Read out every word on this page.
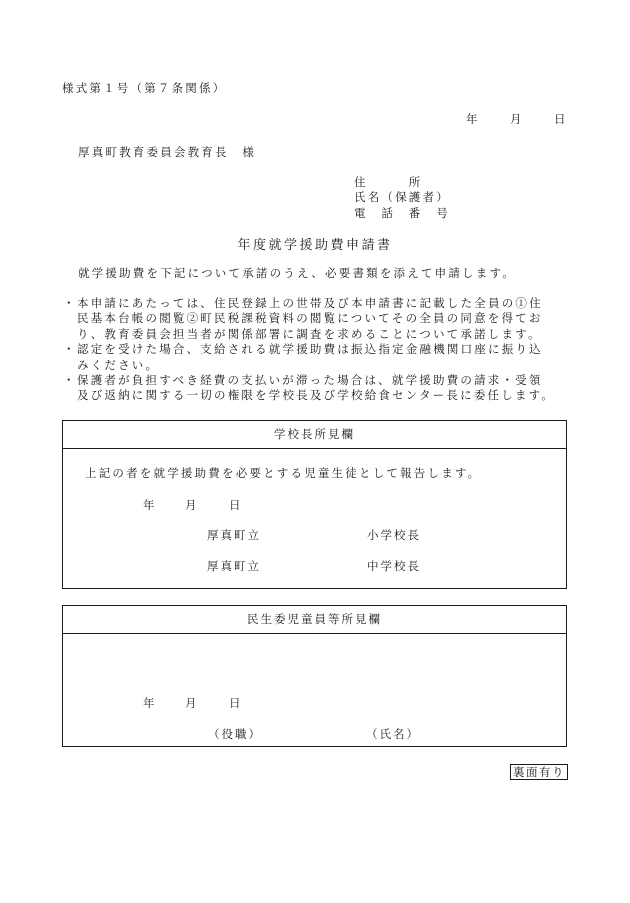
様式第１号（第７条関係）
年	月	日
厚真町教育委員会教育長　様
住　　　所
氏名（保護者）
電　話　番　号
年度就学援助費申請書
就学援助費を下記について承諾のうえ、必要書類を添えて申請します。
・ 本申請にあたっては、住民登録上の世帯及び本申請書に記載した全員の①住
民基本台帳の閲覧②町民税課税資料の閲覧についてその全員の同意を得てお
り、教育委員会担当者が関係部署に調査を求めることについて承諾します。
・ 認定を受けた場合、支給される就学援助費は振込指定金融機関口座に振り込
みください。
・ 保護者が負担すべき経費の支払いが滞った場合は、就学援助費の請求・受領
及び返納に関する一切の権限を学校長及び学校給食センター長に委任します。
学校長所見欄
上記の者を就学援助費を必要とする児童生徒として報告します。
年	月	日
厚真町立	小学校長
厚真町立	中学校長
民生委児童員等所見欄
年	月	日
（役職）	（氏名）
裏面有り
